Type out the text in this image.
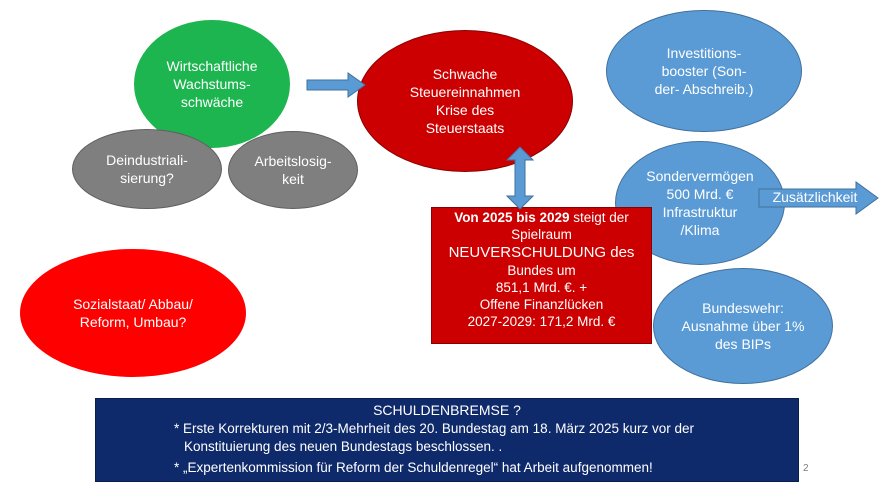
Wirtschaftliche
Wachstums-
schwäche
Schwache
Steuereinnahmen
Krise des
Steuerstaats
Investitions-
booster (Son-
der- Abschreib.)
Deindustriali-
sierung?
Arbeitslosig-
keit	Sondervermögen
500 Mrd. €
Infrastruktur
/Klima
Sozialstaat/ Abbau/
Reform, Umbau?
Bundeswehr:
Ausnahme über 1%
des BIPs
Von 2025 bis 2029 steigt der
Spielraum
NEUVERSCHULDUNG des
Bundes um
851,1 Mrd. €. +
Offene Finanzlücken
2027-2029: 171,2 Mrd. €
Zusätzlichkeit
SCHULDENBREMSE ?
* Erste Korrekturen mit 2/3-Mehrheit des 20. Bundestag am 18. März 2025 kurz vor der
Konstituierung des neuen Bundestags beschlossen. .
* „Expertenkommission für Reform der Schuldenregel“ hat Arbeit aufgenommen!	2
